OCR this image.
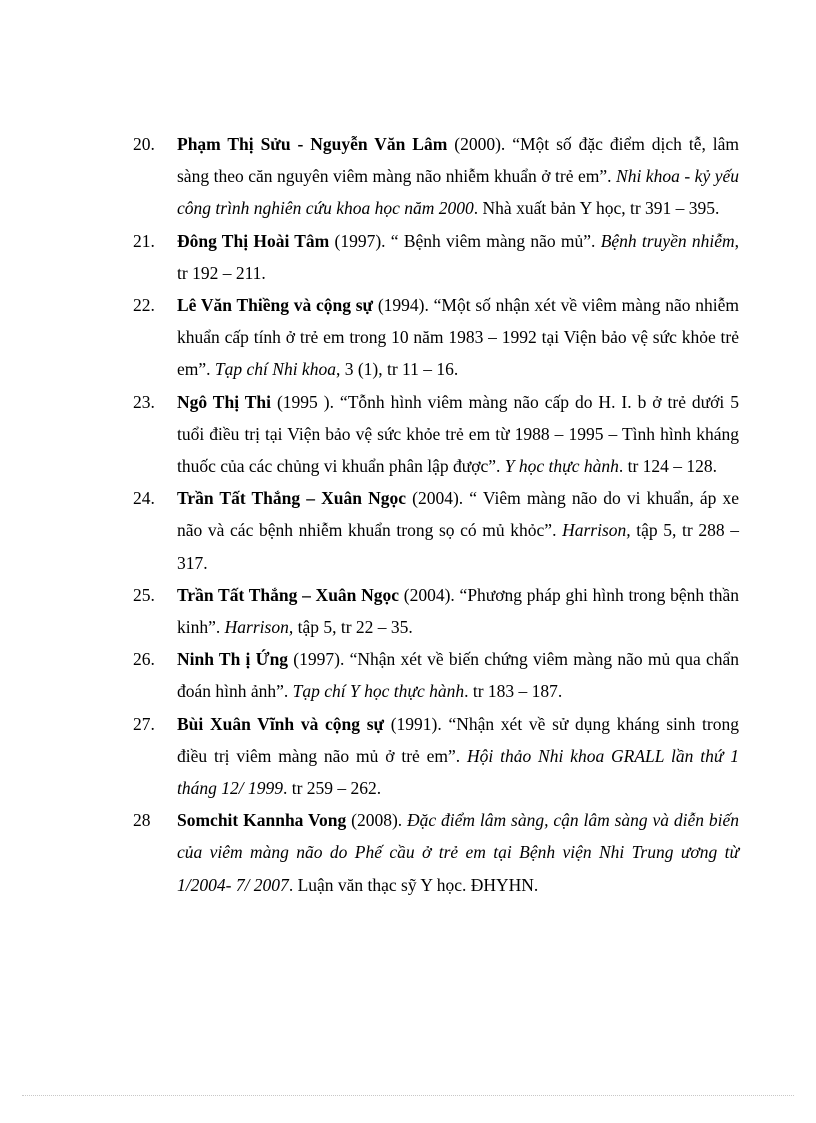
20. Phạm Thị Sửu - Nguyễn Văn Lâm (2000). “Một số đặc điểm dịch tễ, lâm sàng theo căn nguyên viêm màng não nhiễm khuẩn ở trẻ em”. Nhi khoa - kỷ yếu công trình nghiên cứu khoa học năm 2000. Nhà xuất bản Y học, tr 391 – 395.
21. Đông Thị Hoài Tâm (1997). “ Bệnh viêm màng não mủ”. Bệnh truyền nhiễm, tr 192 – 211.
22. Lê Văn Thiềng và cộng sự (1994). “Một số nhận xét về viêm màng não nhiễm khuẩn cấp tính ở trẻ em trong 10 năm 1983 – 1992 tại Viện bảo vệ sức khỏe trẻ em”. Tạp chí Nhi khoa, 3 (1), tr 11 – 16.
23. Ngô Thị Thi (1995 ). “Tỗnh hình viêm màng não cấp do H. I. b ở trẻ dưới 5 tuổi điều trị tại Viện bảo vệ sức khỏe trẻ em từ 1988 – 1995 – Tình hình kháng thuốc của các chủng vi khuẩn phân lập được”. Y học thực hành. tr 124 – 128.
24. Trần Tất Thắng – Xuân Ngọc (2004). “ Viêm màng não do vi khuẩn, áp xe não và các bệnh nhiễm khuẩn trong sọ có mủ khỏc”. Harrison, tập 5, tr 288 – 317.
25. Trần Tất Thắng – Xuân Ngọc (2004). “Phương pháp ghi hình trong bệnh thần kinh”. Harrison, tập 5, tr 22 – 35.
26. Ninh Th ị Ứng (1997). “Nhận xét về biến chứng viêm màng não mủ qua chẩn đoán hình ảnh”. Tạp chí Y học thực hành. tr 183 – 187.
27. Bùi Xuân Vĩnh và cộng sự (1991). “Nhận xét về sử dụng kháng sinh trong điều trị viêm màng não mủ ở trẻ em”. Hội thảo Nhi khoa GRALL lần thứ 1 tháng 12/ 1999. tr 259 – 262.
28 Somchit Kannha Vong (2008). Đặc điểm lâm sàng, cận lâm sàng và diễn biến của viêm màng não do Phế cầu ở trẻ em tại Bệnh viện Nhi Trung ương từ 1/2004- 7/ 2007. Luận văn thạc sỹ Y học. ĐHYHN.
